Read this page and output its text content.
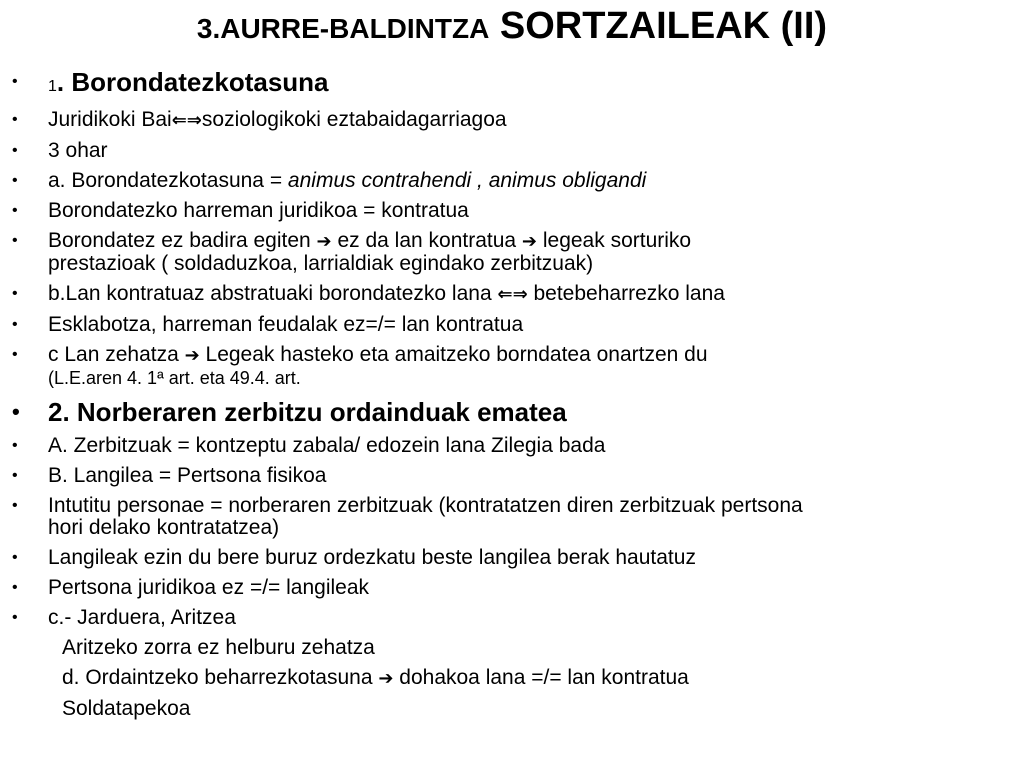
3.AURRE-BALDINTZA SORTZAILEAK (II)
•	1. Borondatezkotasuna
•	Juridikoki Bai⇐⇒soziologikoki eztabaidagarriagoa
•	3 ohar
•	a. Borondatezkotasuna = animus contrahendi , animus obligandi
•	Borondatezko harreman juridikoa = kontratua
•	Borondatez ez badira egiten ➔ ez da lan kontratua ➔ legeak sorturiko
prestazioak ( soldaduzkoa, larrialdiak egindako zerbitzuak)
•	b.Lan kontratuaz abstratuaki borondatezko lana ⇐⇒ betebeharrezko lana
•	Esklabotza, harreman feudalak ez=/= lan kontratua
•	c Lan zehatza ➔ Legeak hasteko eta amaitzeko borndatea onartzen du
(L.E.aren 4. 1ª art. eta 49.4. art.
• 2. Norberaren zerbitzu ordainduak ematea
•	A. Zerbitzuak = kontzeptu zabala/ edozein lana Zilegia bada
•	B. Langilea = Pertsona fisikoa
•	Intutitu personae = norberaren zerbitzuak (kontratatzen diren zerbitzuak pertsona
hori delako kontratatzea)
•	Langileak ezin du bere buruz ordezkatu beste langilea berak hautatuz
•	Pertsona juridikoa ez =/= langileak
•	c.- Jarduera, Aritzea
Aritzeko zorra ez helburu zehatza
d. Ordaintzeko beharrezkotasuna ➔ dohakoa lana =/= lan kontratua
Soldatapekoa
